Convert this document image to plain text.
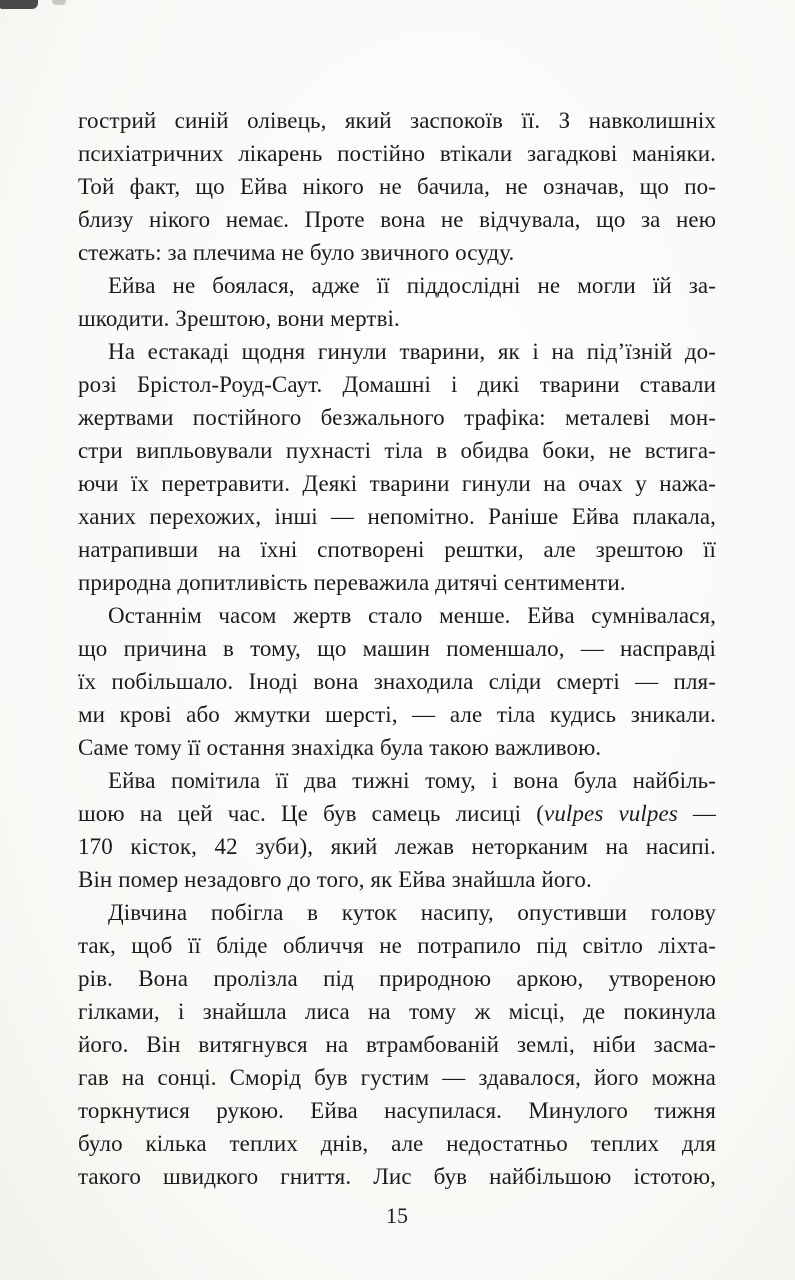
гострий синій олівець, який заспокоїв її. З навколишніх
психіатричних лікарень постійно втікали загадкові маніяки.
Той факт, що Ейва нікого не бачила, не означав, що по-
близу нікого немає. Проте вона не відчувала, що за нею
стежать: за плечима не було звичного осуду.
Ейва не боялася, адже її піддослідні не могли їй за-
шкодити. Зрештою, вони мертві.
На естакаді щодня гинули тварини, як і на під’їзній до-
розі Брістол-Роуд-Саут. Домашні і дикі тварини ставали
жертвами постійного безжального трафіка: металеві мон-
стри випльовували пухнасті тіла в обидва боки, не встига-
ючи їх перетравити. Деякі тварини гинули на очах у нажа-
ханих перехожих, інші — непомітно. Раніше Ейва плакала,
натрапивши на їхні спотворені рештки, але зрештою її
природна допитливість переважила дитячі сентименти.
Останнім часом жертв стало менше. Ейва сумнівалася,
що причина в тому, що машин поменшало, — насправді
їх побільшало. Іноді вона знаходила сліди смерті — пля-
ми крові або жмутки шерсті, — але тіла кудись зникали.
Саме тому її остання знахідка була такою важливою.
Ейва помітила її два тижні тому, і вона була найбіль-
шою на цей час. Це був самець лисиці (vulpes vulpes —
170 кісток, 42 зуби), який лежав неторканим на насипі.
Він помер незадовго до того, як Ейва знайшла його.
Дівчина побігла в куток насипу, опустивши голову
так, щоб її бліде обличчя не потрапило під світло ліхта-
рів. Вона пролізла під природною аркою, утвореною
гілками, і знайшла лиса на тому ж місці, де покинула
його. Він витягнувся на втрамбованій землі, ніби засма-
гав на сонці. Сморід був густим — здавалося, його можна
торкнутися рукою. Ейва насупилася. Минулого тижня
було кілька теплих днів, але недостатньо теплих для
такого швидкого гниття. Лис був найбільшою істотою,
15
